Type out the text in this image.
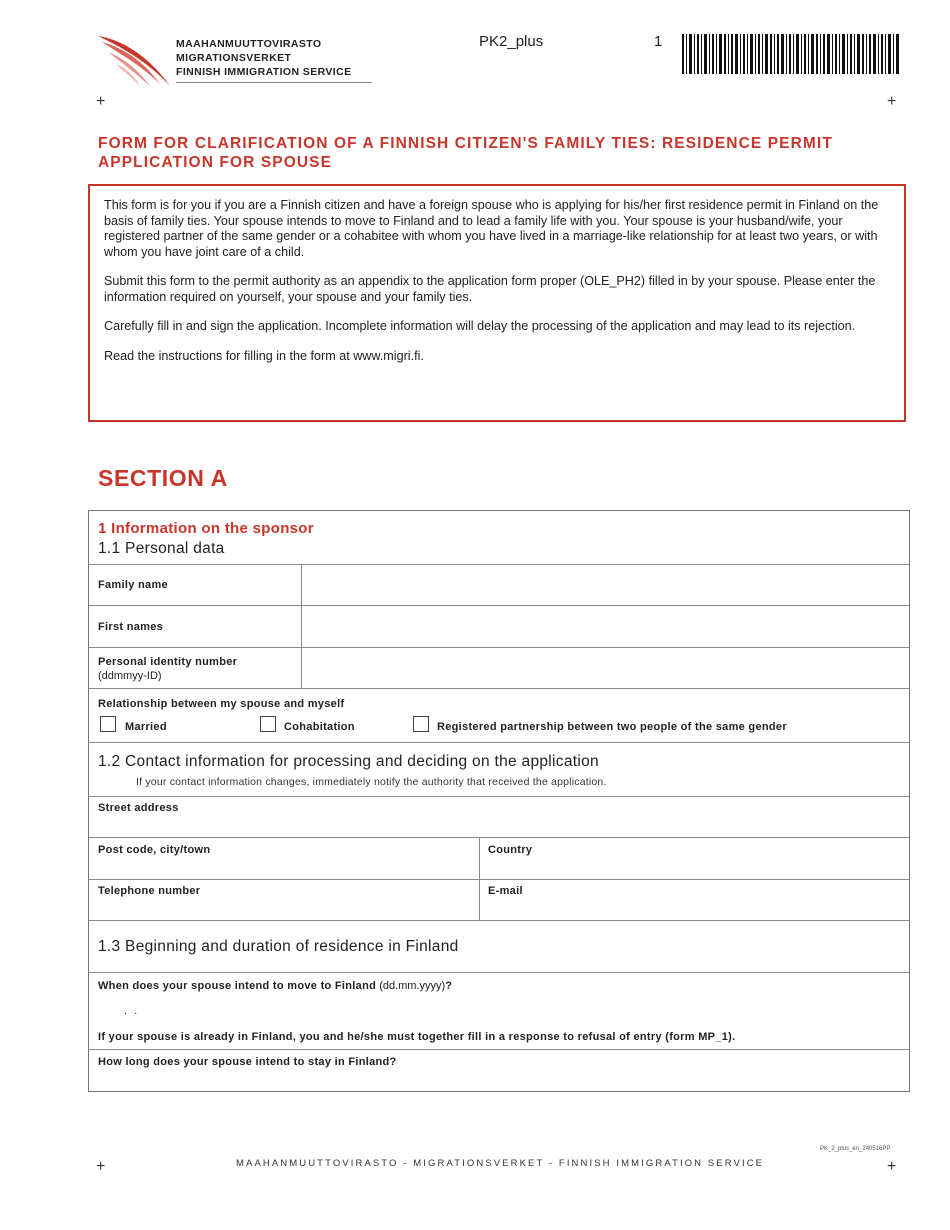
MAAHANMUUTTOVIRASTO
MIGRATIONSVERKET
FINNISH IMMIGRATION SERVICE
PK2_plus	1
+	+
FORM FOR CLARIFICATION OF A FINNISH CITIZEN'S FAMILY TIES: RESIDENCE PERMIT APPLICATION FOR SPOUSE

This form is for you if you are a Finnish citizen and have a foreign spouse who is applying for his/her first residence permit in Finland on the basis of family ties. Your spouse intends to move to Finland and to lead a family life with you. Your spouse is your husband/wife, your registered partner of the same gender or a cohabitee with whom you have lived in a marriage-like relationship for at least two years, or with whom you have joint care of a child.

Submit this form to the permit authority as an appendix to the application form proper (OLE_PH2) filled in by your spouse. Please enter the information required on yourself, your spouse and your family ties.

Carefully fill in and sign the application. Incomplete information will delay the processing of the application and may lead to its rejection.

Read the instructions for filling in the form at www.migri.fi.

SECTION A
1 Information on the sponsor
1.1 Personal data
Family name
First names
Personal identity number
(ddmmyy-ID)
Relationship between my spouse and myself
Married	Cohabitation	Registered partnership between two people of the same gender
1.2 Contact information for processing and deciding on the application
If your contact information changes, immediately notify the authority that received the application.
Street address
Post code, city/town	Country
Telephone number	E-mail
1.3 Beginning and duration of residence in Finland
When does your spouse intend to move to Finland (dd.mm.yyyy)?
. .
If your spouse is already in Finland, you and he/she must together fill in a response to refusal of entry (form MP_1).
How long does your spouse intend to stay in Finland?
PK_2_plus_en_240516PP
MAAHANMUUTTOVIRASTO - MIGRATIONSVERKET - FINNISH IMMIGRATION SERVICE
+	+
